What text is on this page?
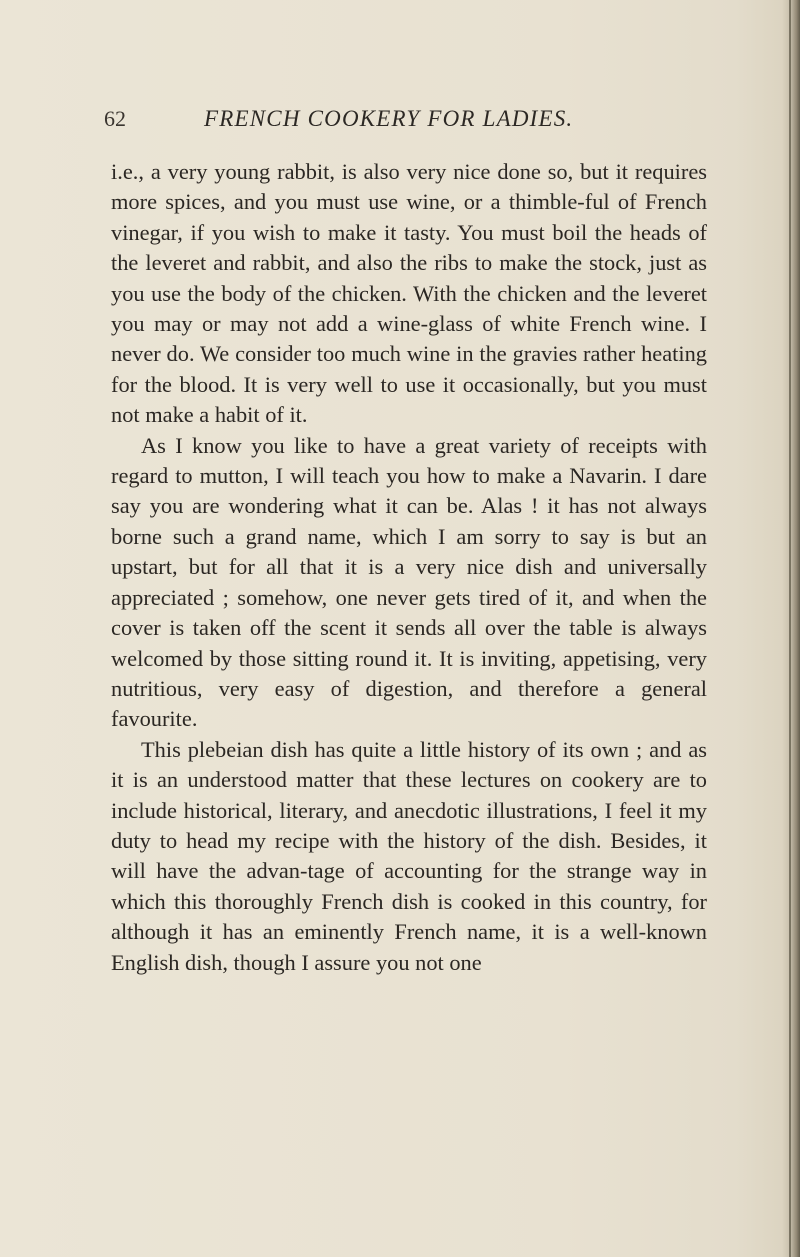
62	FRENCH COOKERY FOR LADIES.

i.e., a very young rabbit, is also very nice done so, but it requires more spices, and you must use wine, or a thimble-ful of French vinegar, if you wish to make it tasty. You must boil the heads of the leveret and rabbit, and also the ribs to make the stock, just as you use the body of the chicken. With the chicken and the leveret you may or may not add a wine-glass of white French wine. I never do. We consider too much wine in the gravies rather heating for the blood. It is very well to use it occasionally, but you must not make a habit of it.

As I know you like to have a great variety of receipts with regard to mutton, I will teach you how to make a Navarin. I dare say you are wondering what it can be. Alas ! it has not always borne such a grand name, which I am sorry to say is but an upstart, but for all that it is a very nice dish and universally appreciated ; somehow, one never gets tired of it, and when the cover is taken off the scent it sends all over the table is always welcomed by those sitting round it. It is inviting, appetising, very nutritious, very easy of digestion, and therefore a general favourite.

This plebeian dish has quite a little history of its own ; and as it is an understood matter that these lectures on cookery are to include historical, literary, and anecdotic illustrations, I feel it my duty to head my recipe with the history of the dish. Besides, it will have the advan-tage of accounting for the strange way in which this thoroughly French dish is cooked in this country, for although it has an eminently French name, it is a well-known English dish, though I assure you not one
